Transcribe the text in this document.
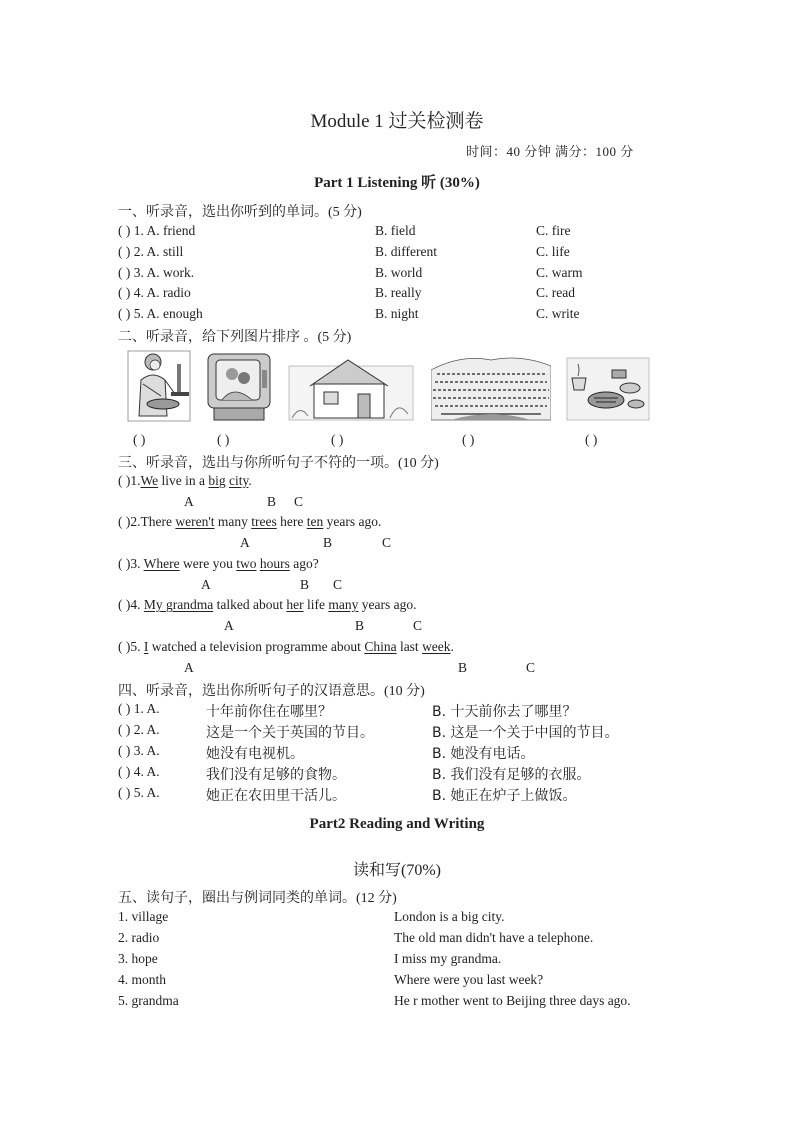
Module 1 过关检测卷
时间：40 分钟 满分：100 分
Part 1 Listening 听 (30%)
一、听录音，选出你听到的单词。(5 分)
( ) 1. A. friend	B. field	C. fire
( ) 2. A. still	B. different	C. life
( ) 3. A. work.	B. world	C. warm
( ) 4. A. radio	B. really	C. read
( ) 5. A. enough	B. night	C. write
二、听录音，给下列图片排序 。(5 分)
( )	( )	( )	( )	( )
三、听录音，选出与你所听句子不符的一项。(10 分)
( )1.We live in a big city.
A	B C
( )2.There weren't many trees here ten years ago.
A	B	C
( )3. Where were you two hours ago?
A	B C
( )4. My grandma talked about her life many years ago.
A	B	C
( )5. I watched a television programme about China last week.
A	B	C
四、听录音，选出你所听句子的汉语意思。(10 分)
( ) 1. A.	十年前你住在哪里？	B. 十天前你去了哪里？
( ) 2. A.	这是一个关于英国的节目。	B. 这是一个关于中国的节目。
( ) 3. A.	她没有电视机。	B. 她没有电话。
( ) 4. A.	我们没有足够的食物。	B. 我们没有足够的衣服。
( ) 5. A.	她正在农田里干活儿。	B. 她正在炉子上做饭。
Part2 Reading and Writing
读和写(70%)
五、读句子，圈出与例词同类的单词。(12 分)
1. village	London is a big city.
2. radio	The old man didn't have a telephone.
3. hope	I miss my grandma.
4. month	Where were you last week?
5. grandma	He r mother went to Beijing three days ago.
